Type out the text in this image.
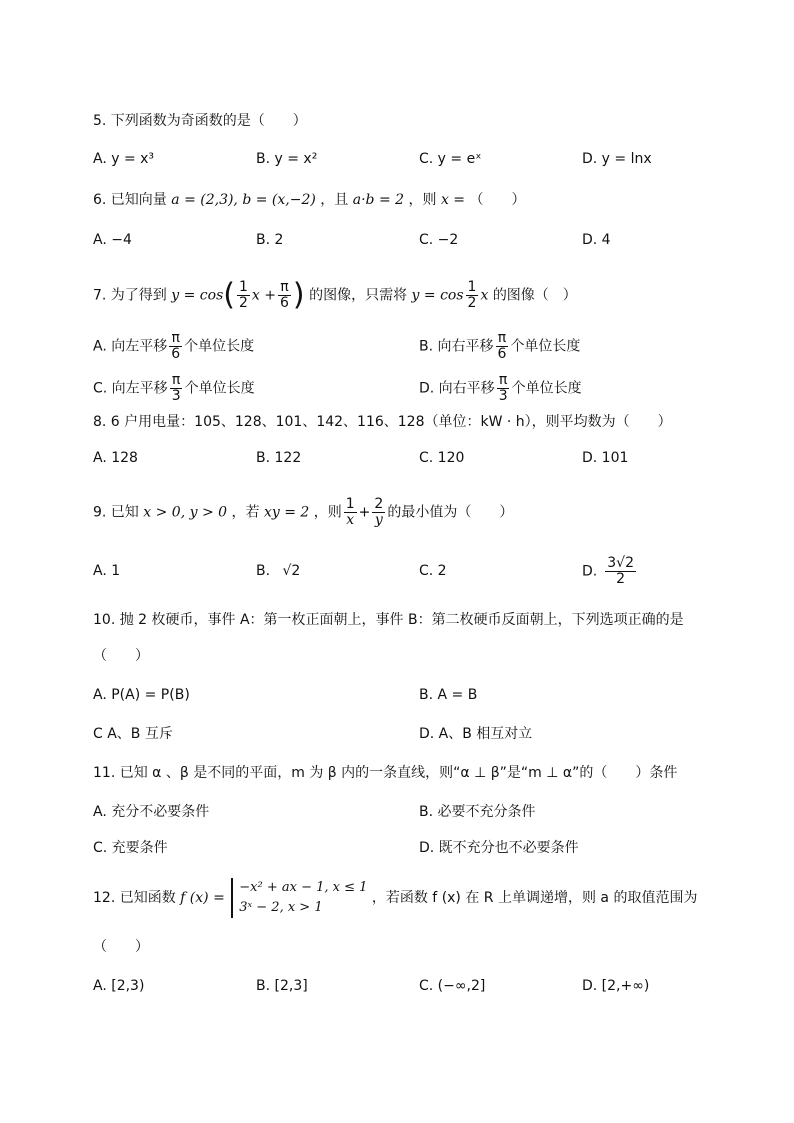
5. 下列函数为奇函数的是（　　）
A. y = x³	B. y = x²	C. y = eˣ	D. y = lnx
6. 已知向量 a = (2,3), b = (x,−2) ，且 a·b = 2 ，则 x = （　　）
A. −4	B. 2	C. −2	D. 4
7. 为了得到 $y = \cos( \frac{1}{2}$ $x + \frac{\pi}{6}$ ) 的图像，只需将 $y = \cos \frac{1}{2}$ x 的图像（　）
A. 向左平移 $\frac{\pi}{6}$ 个单位长度	B. 向右平移 $\frac{\pi}{6}$ 个单位长度
C. 向左平移 $\frac{\pi}{3}$ 个单位长度	D. 向右平移 $\frac{\pi}{3}$ 个单位长度
8. 6 户用电量：105、128、101、142、116、128（单位：kW · h），则平均数为（　　）
A. 128	B. 122	C. 120	D. 101
9. 已知 x > 0, y > 0 ，若 xy = 2 ，则 $\frac{1}{x} + \frac{2}{y}$ 的最小值为（　　）
A. 1	B. √2	C. 2	D. $\frac{3√2}{2}$
10. 抛 2 枚硬币，事件 A：第一枚正面朝上，事件 B：第二枚硬币反面朝上，下列选项正确的是
（　　）
A. P(A) = P(B)	B. A = B
C A、B 互斥	D. A、B 相互对立
11. 已知 α 、β 是不同的平面，m 为 β 内的一条直线，则“α ⊥ β”是“m ⊥ α”的（　　）条件
A. 充分不必要条件	B. 必要不充分条件
C. 充要条件	D. 既不充分也不必要条件
12. 已知函数 f (x) =
−x² + ax − 1, x ≤ 1
3ˣ − 2, x > 1
，若函数 f (x) 在 R 上单调递增，则 a 的取值范围为
（　　）
A. [2,3)	B. [2,3]	C. (−∞,2]	D. [2,+∞)
